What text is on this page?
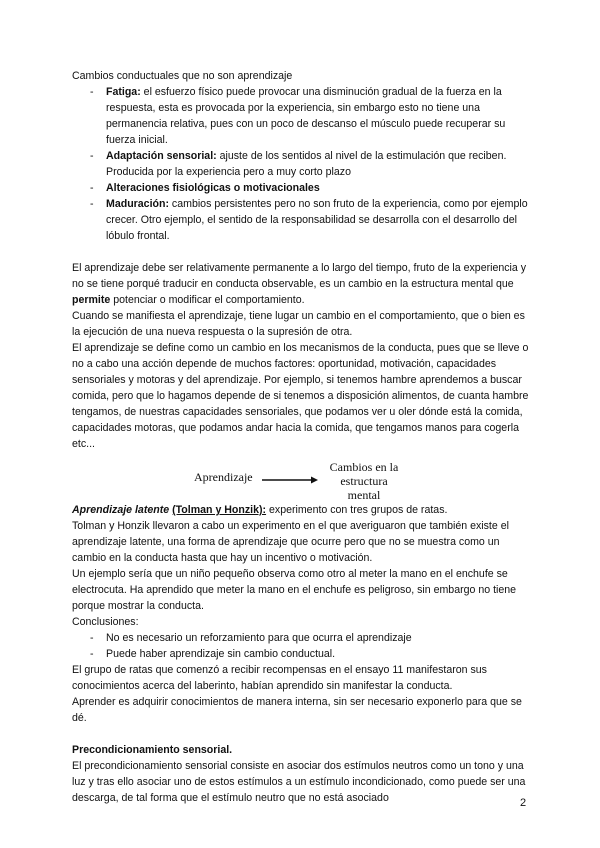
Cambios conductuales que no son aprendizaje

- Fatiga: el esfuerzo físico puede provocar una disminución gradual de la fuerza en la respuesta, esta es provocada por la experiencia, sin embargo esto no tiene una permanencia relativa, pues con un poco de descanso el músculo puede recuperar su fuerza inicial.
- Adaptación sensorial: ajuste de los sentidos al nivel de la estimulación que reciben. Producida por la experiencia pero a muy corto plazo
- Alteraciones fisiológicas o motivacionales
- Maduración: cambios persistentes pero no son fruto de la experiencia, como por ejemplo crecer. Otro ejemplo, el sentido de la responsabilidad se desarrolla con el desarrollo del lóbulo frontal.

El aprendizaje debe ser relativamente permanente a lo largo del tiempo, fruto de la experiencia y no se tiene porqué traducir en conducta observable, es un cambio en la estructura mental que permite potenciar o modificar el comportamiento.

Cuando se manifiesta el aprendizaje, tiene lugar un cambio en el comportamiento, que o bien es la ejecución de una nueva respuesta o la supresión de otra.

El aprendizaje se define como un cambio en los mecanismos de la conducta, pues que se lleve o no a cabo una acción depende de muchos factores: oportunidad, motivación, capacidades sensoriales y motoras y del aprendizaje. Por ejemplo, si tenemos hambre aprendemos a buscar comida, pero que lo hagamos depende de si tenemos a disposición alimentos, de cuanta hambre tengamos, de nuestras capacidades sensoriales, que podamos ver u oler dónde está la comida, capacidades motoras, que podamos andar hacia la comida, que tengamos manos para cogerla etc...

Aprendizaje
Cambios en la
estructura mental

Aprendizaje latente (Tolman y Honzik): experimento con tres grupos de ratas.

Tolman y Honzik llevaron a cabo un experimento en el que averiguaron que también existe el aprendizaje latente, una forma de aprendizaje que ocurre pero que no se muestra como un cambio en la conducta hasta que hay un incentivo o motivación.

Un ejemplo sería que un niño pequeño observa como otro al meter la mano en el enchufe se electrocuta. Ha aprendido que meter la mano en el enchufe es peligroso, sin embargo no tiene porque mostrar la conducta.

Conclusiones:

- No es necesario un reforzamiento para que ocurra el aprendizaje
- Puede haber aprendizaje sin cambio conductual.

El grupo de ratas que comenzó a recibir recompensas en el ensayo 11 manifestaron sus conocimientos acerca del laberinto, habían aprendido sin manifestar la conducta.

Aprender es adquirir conocimientos de manera interna, sin ser necesario exponerlo para que se dé.

Precondicionamiento sensorial.

El precondicionamiento sensorial consiste en asociar dos estímulos neutros como un tono y una luz y tras ello asociar uno de estos estímulos a un estímulo incondicionado, como puede ser una descarga, de tal forma que el estímulo neutro que no está asociado	2
